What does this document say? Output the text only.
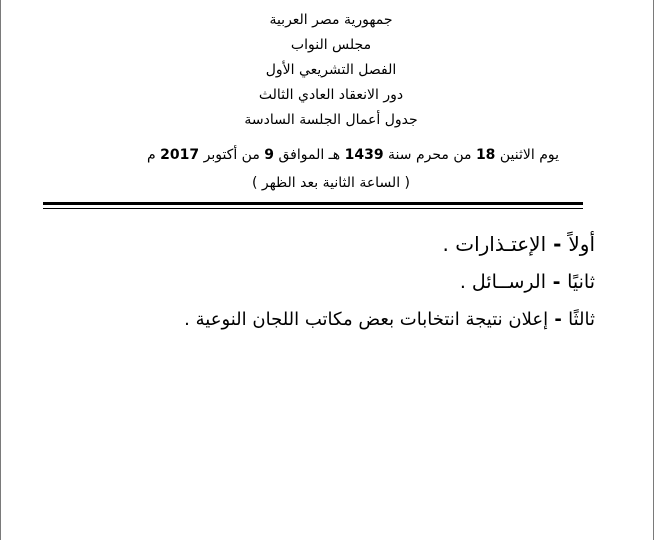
جمهورية مصر العربية
مجلس النواب
الفصل التشريعي الأول
دور الانعقاد العادي الثالث
جدول أعمال الجلسة السادسة
يوم الاثنين 18 من محرم سنة 1439 هـ الموافق 9 من أكتوبر 2017 م
( الساعة الثانية بعد الظهر )
أولاً - الإعتـذارات .
ثانيًا - الرســائل .
ثالثًا - إعلان نتيجة انتخابات بعض مكاتب اللجان النوعية .
